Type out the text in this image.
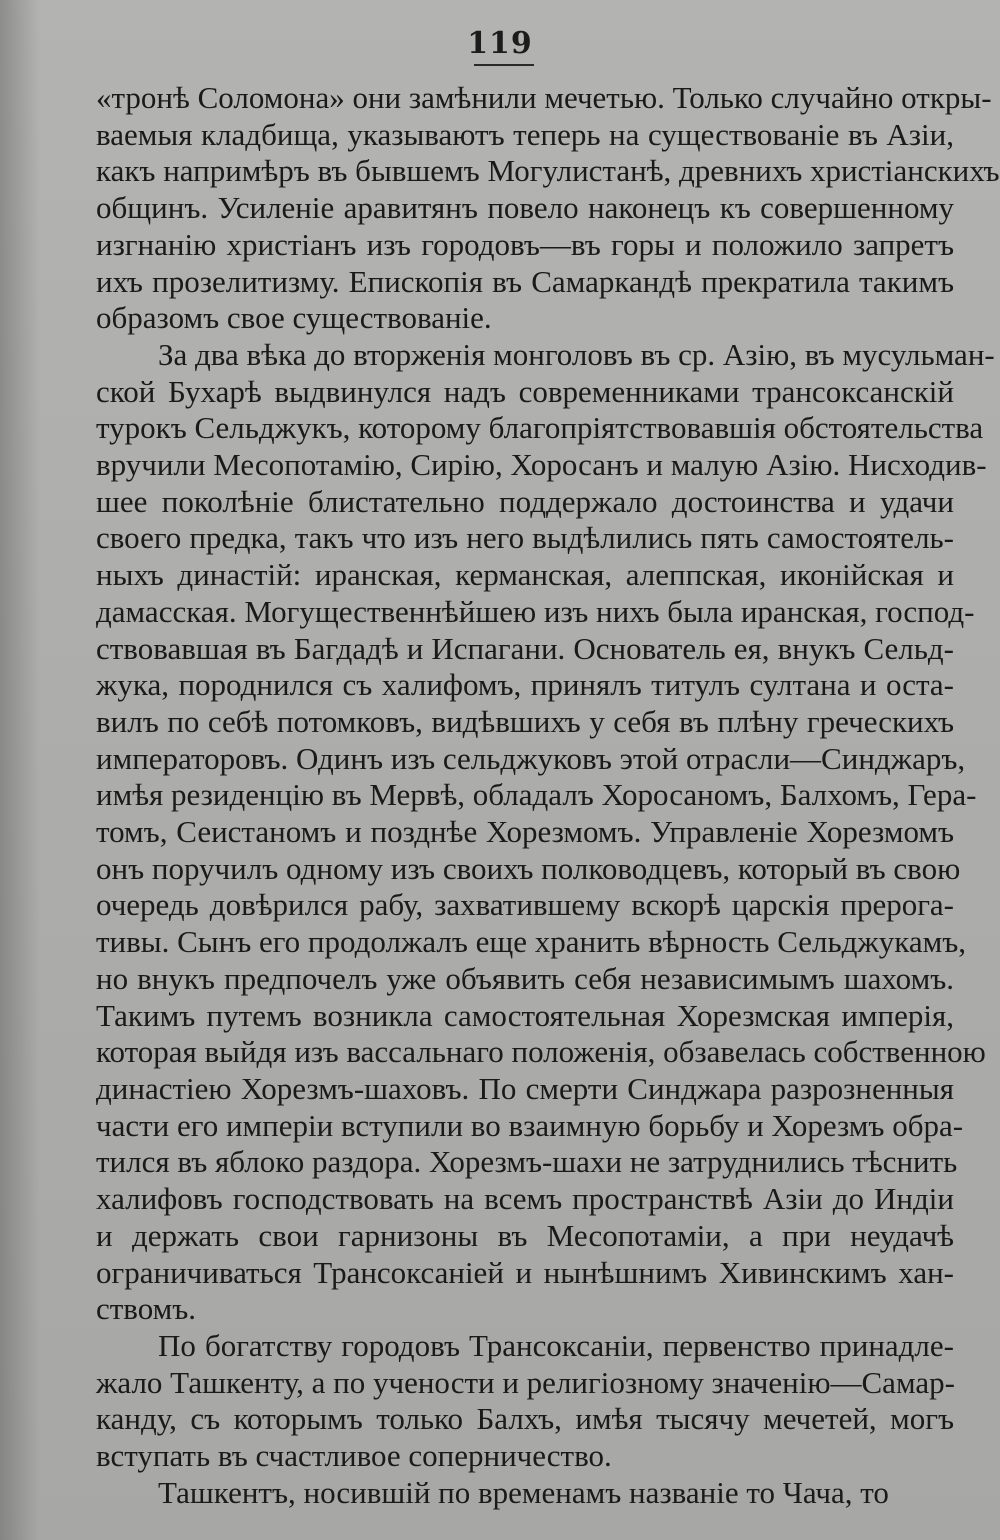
119
«тронѣ Соломона» они замѣнили мечетью. Только случайно откры-
ваемыя кладбища, указываютъ теперь на существованіе въ Азіи,
какъ напримѣръ въ бывшемъ Могулистанѣ, древнихъ христіанскихъ
общинъ. Усиленіе аравитянъ повело наконецъ къ совершенному
изгнанію христіанъ изъ городовъ—въ горы и положило запретъ
ихъ прозелитизму. Епископія въ Самаркандѣ прекратила такимъ
образомъ свое существованіе.
За два вѣка до вторженія монголовъ въ ср. Азію, въ мусульман-
ской Бухарѣ выдвинулся надъ современниками трансоксанскій
турокъ Сельджукъ, которому благопріятствовавшія обстоятельства
вручили Месопотамію, Сирію, Хоросанъ и малую Азію. Нисходив-
шее поколѣніе блистательно поддержало достоинства и удачи
своего предка, такъ что изъ него выдѣлились пять самостоятель-
ныхъ династій: иранская, керманская, алеппская, иконійская и
дамасская. Могущественнѣйшею изъ нихъ была иранская, господ-
ствовавшая въ Багдадѣ и Испагани. Основатель ея, внукъ Сельд-
жука, породнился съ халифомъ, принялъ титулъ султана и оста-
вилъ по себѣ потомковъ, видѣвшихъ у себя въ плѣну греческихъ
императоровъ. Одинъ изъ сельджуковъ этой отрасли—Синджаръ,
имѣя резиденцію въ Мервѣ, обладалъ Хоросаномъ, Балхомъ, Гера-
томъ, Сеистаномъ и позднѣе Хорезмомъ. Управленіе Хорезмомъ
онъ поручилъ одному изъ своихъ полководцевъ, который въ свою
очередь довѣрился рабу, захватившему вскорѣ царскія прерога-
тивы. Сынъ его продолжалъ еще хранить вѣрность Сельджукамъ,
но внукъ предпочелъ уже объявить себя независимымъ шахомъ.
Такимъ путемъ возникла самостоятельная Хорезмская имперія,
которая выйдя изъ вассальнаго положенія, обзавелась собственною
династіею Хорезмъ-шаховъ. По смерти Синджара разрозненныя
части его имперіи вступили во взаимную борьбу и Хорезмъ обра-
тился въ яблоко раздора. Хорезмъ-шахи не затруднились тѣснить
халифовъ господствовать на всемъ пространствѣ Азіи до Индіи
и держать свои гарнизоны въ Месопотаміи, а при неудачѣ
ограничиваться Трансоксаніей и нынѣшнимъ Хивинскимъ хан-
ствомъ.
По богатству городовъ Трансоксаніи, первенство принадле-
жало Ташкенту, а по учености и религіозному значенію—Самар-
канду, съ которымъ только Балхъ, имѣя тысячу мечетей, могъ
вступать въ счастливое соперничество.
Ташкентъ, носившій по временамъ названіе то Чача, то
